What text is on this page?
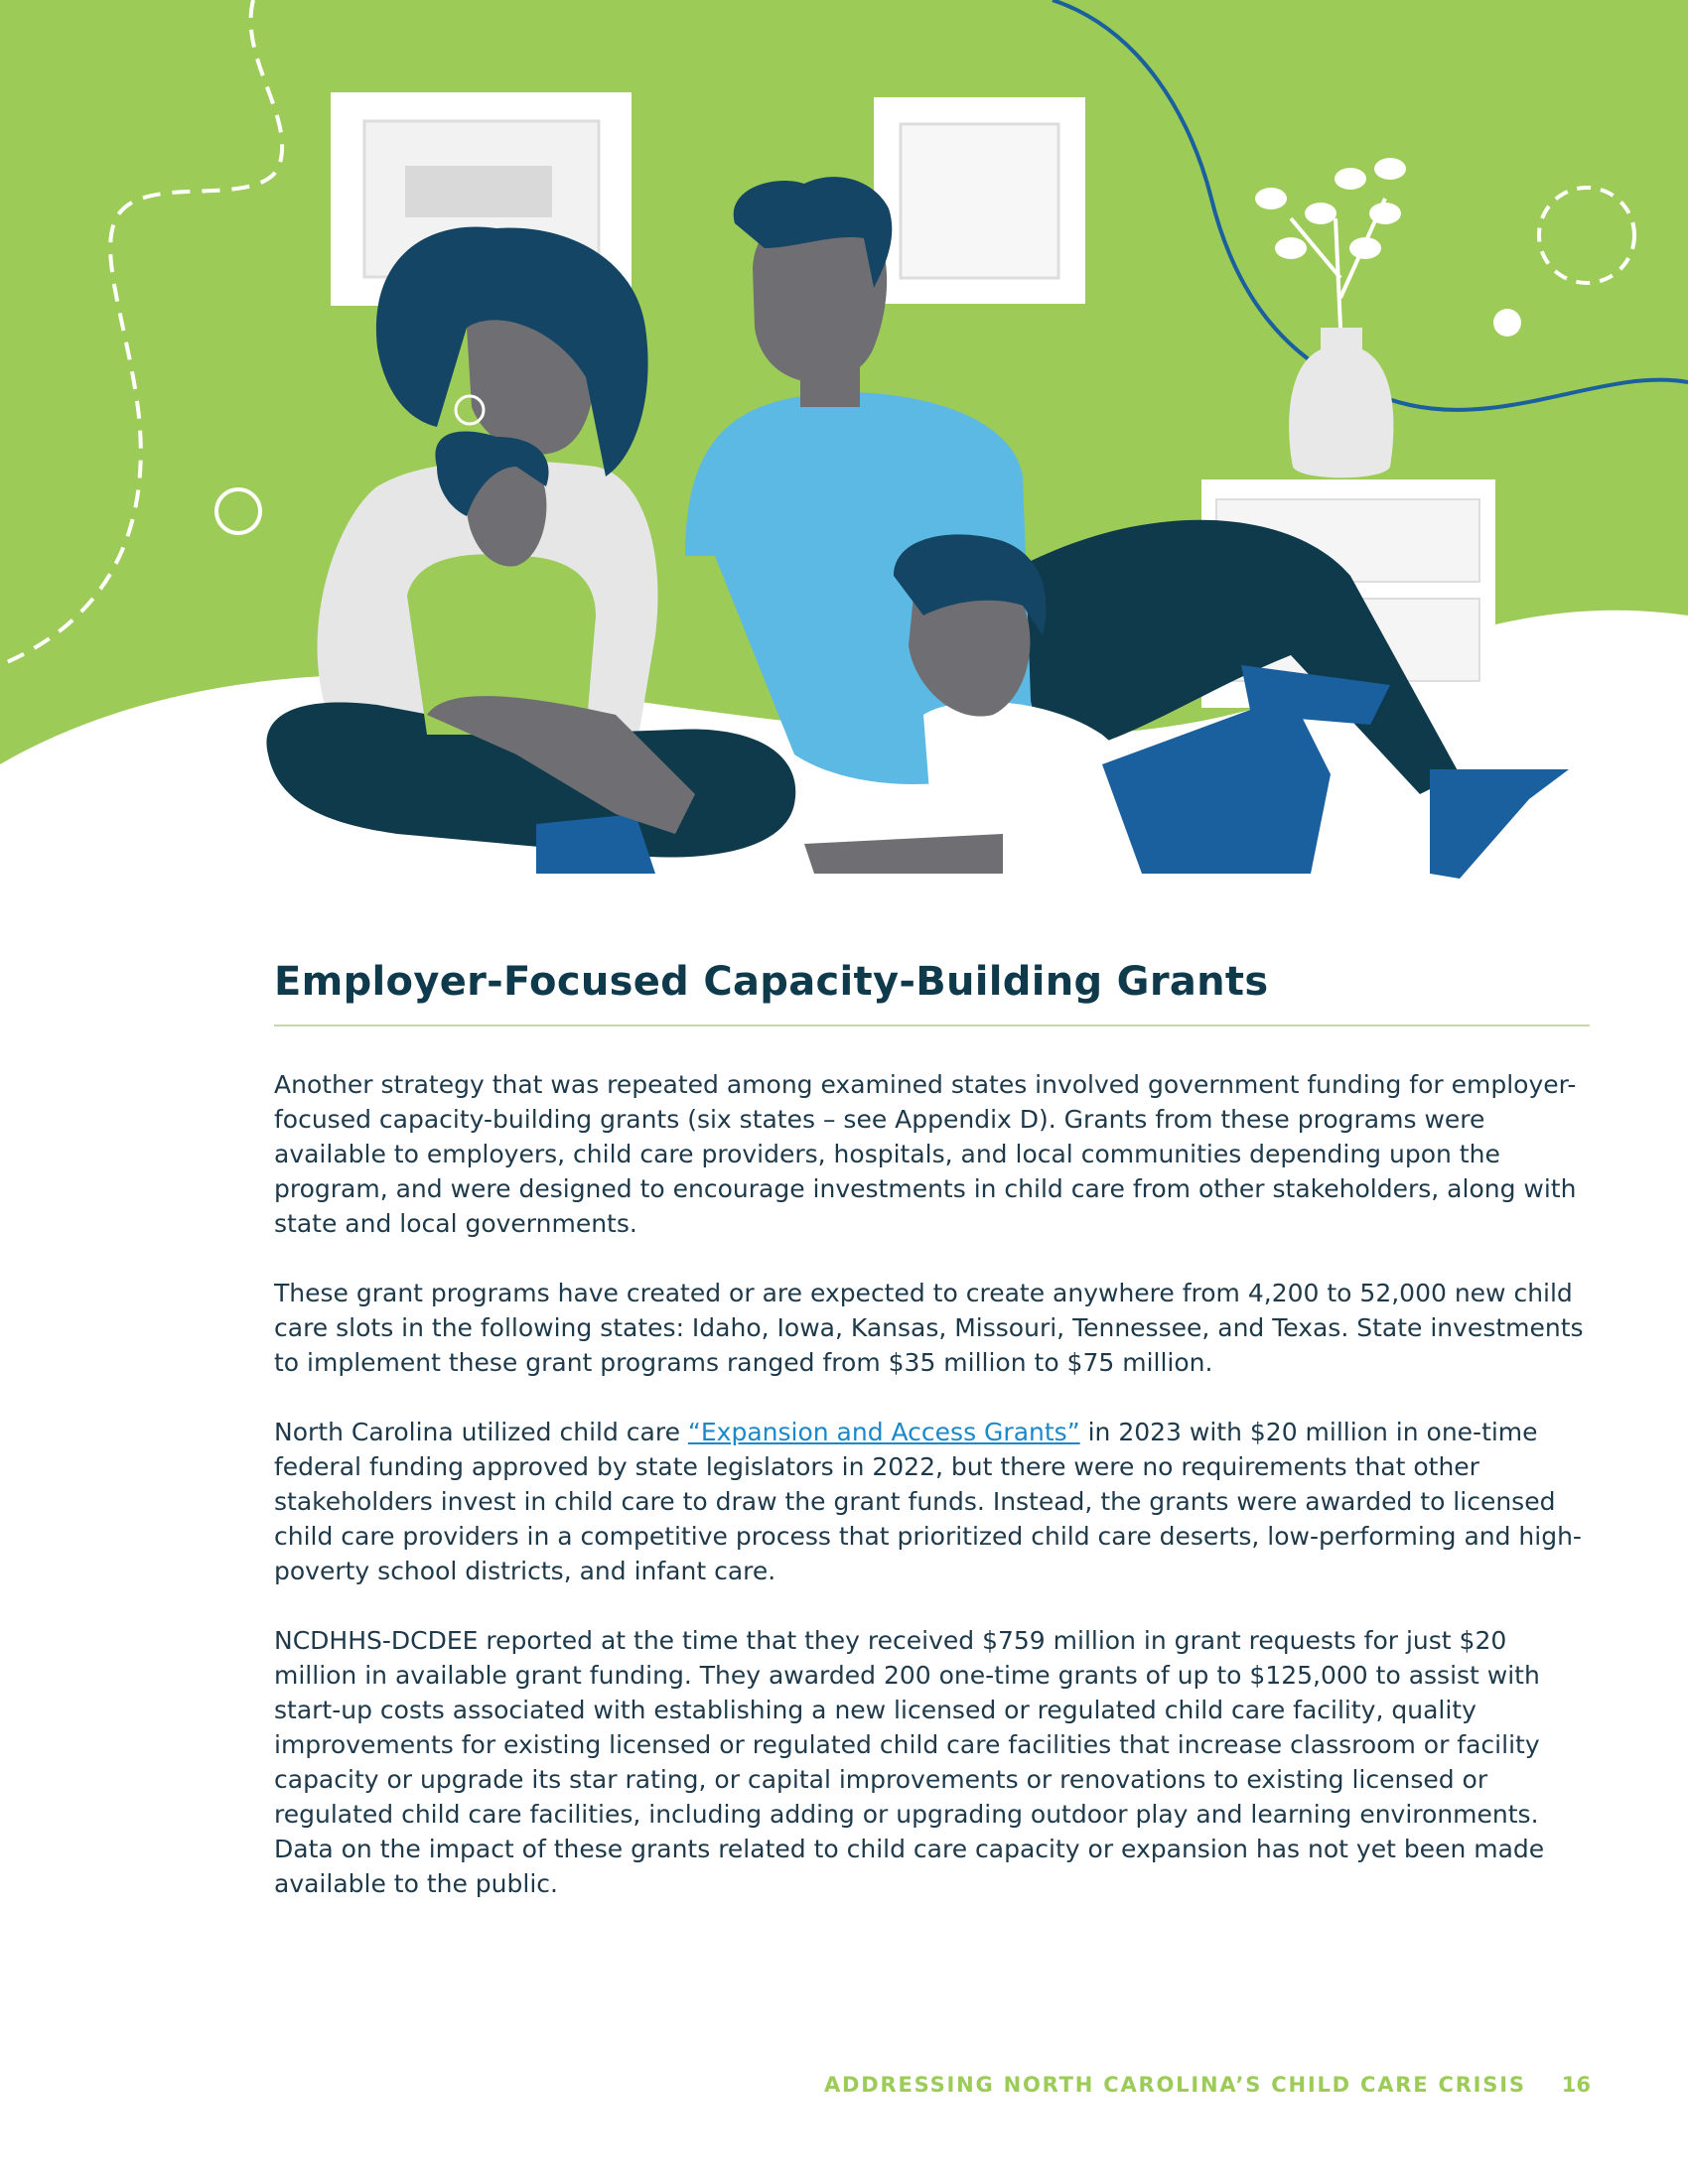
Employer-Focused Capacity-Building Grants

Another strategy that was repeated among examined states involved government funding for employer-focused capacity-building grants (six states – see Appendix D). Grants from these programs were available to employers, child care providers, hospitals, and local communities depending upon the program, and were designed to encourage investments in child care from other stakeholders, along with state and local governments.

These grant programs have created or are expected to create anywhere from 4,200 to 52,000 new child care slots in the following states: Idaho, Iowa, Kansas, Missouri, Tennessee, and Texas. State investments to implement these grant programs ranged from $35 million to $75 million.

North Carolina utilized child care “Expansion and Access Grants” in 2023 with $20 million in one-time federal funding approved by state legislators in 2022, but there were no requirements that other stakeholders invest in child care to draw the grant funds. Instead, the grants were awarded to licensed child care providers in a competitive process that prioritized child care deserts, low-performing and high-poverty school districts, and infant care.

NCDHHS-DCDEE reported at the time that they received $759 million in grant requests for just $20 million in available grant funding. They awarded 200 one-time grants of up to $125,000 to assist with start-up costs associated with establishing a new licensed or regulated child care facility, quality improvements for existing licensed or regulated child care facilities that increase classroom or facility capacity or upgrade its star rating, or capital improvements or renovations to existing licensed or regulated child care facilities, including adding or upgrading outdoor play and learning environments. Data on the impact of these grants related to child care capacity or expansion has not yet been made available to the public.

ADDRESSING NORTH CAROLINA’S CHILD CARE CRISIS 16
